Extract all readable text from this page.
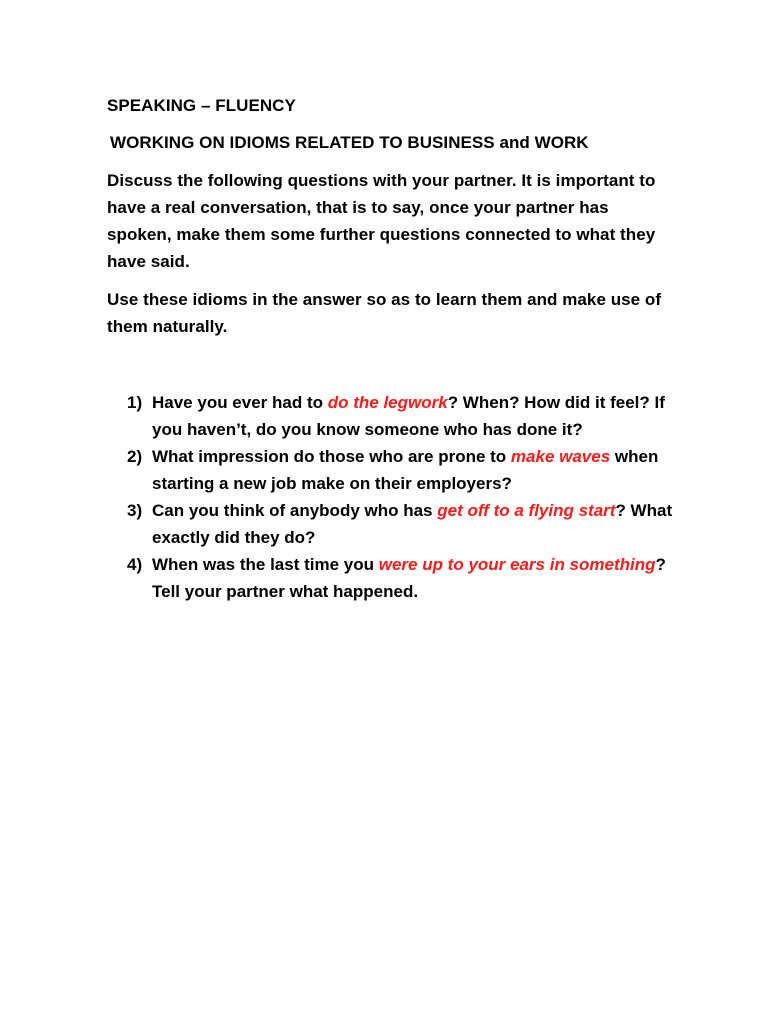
SPEAKING – FLUENCY
WORKING ON IDIOMS RELATED TO BUSINESS and WORK
Discuss the following questions with your partner. It is important to have a real conversation, that is to say, once your partner has spoken, make them some further questions connected to what they have said.
Use these idioms in the answer so as to learn them and make use of them naturally.
1) Have you ever had to do the legwork? When? How did it feel? If you haven’t, do you know someone who has done it?
2) What impression do those who are prone to make waves when starting a new job make on their employers?
3) Can you think of anybody who has get off to a flying start? What exactly did they do?
4) When was the last time you were up to your ears in something? Tell your partner what happened.
